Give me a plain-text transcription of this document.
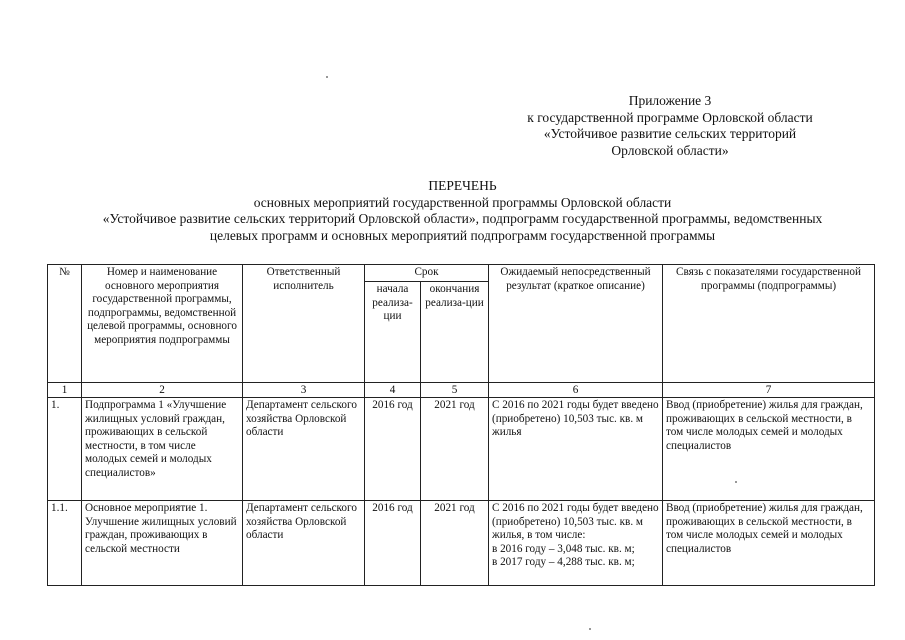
Приложение 3
к государственной программе Орловской области
«Устойчивое развитие сельских территорий
Орловской области»
ПЕРЕЧЕНЬ
основных мероприятий государственной программы Орловской области
«Устойчивое развитие сельских территорий Орловской области», подпрограмм государственной программы, ведомственных
целевых программ и основных мероприятий подпрограмм государственной программы
№	Номер и наименование основного мероприятия государственной программы, подпрограммы, ведомственной целевой программы, основного мероприятия подпрограммы	Ответственный исполнитель	Срок		Ожидаемый непосредственный результат (краткое описание)	Связь с показателями государственной программы (подпрограммы)
			начала реализа-ции	окончания реализа-ции		
1	2	3	4	5	6	7
1.	Подпрограмма 1 «Улучшение жилищных условий граждан, проживающих в сельской местности, в том числе молодых семей и молодых специалистов»	Департамент сельского хозяйства Орловской области	2016 год	2021 год	С 2016 по 2021 годы будет введено (приобретено) 10,503 тыс. кв. м жилья	Ввод (приобретение) жилья для граждан, проживающих в сельской местности, в том числе молодых семей и молодых специалистов
1.1.	Основное мероприятие 1. Улучшение жилищных условий граждан, проживающих в сельской местности	Департамент сельского хозяйства Орловской области	2016 год	2021 год	С 2016 по 2021 годы будет введено (приобретено) 10,503 тыс. кв. м жилья, в том числе:
в 2016 году – 3,048 тыс. кв. м;
в 2017 году – 4,288 тыс. кв. м;	Ввод (приобретение) жилья для граждан, проживающих в сельской местности, в том числе молодых семей и молодых специалистов
